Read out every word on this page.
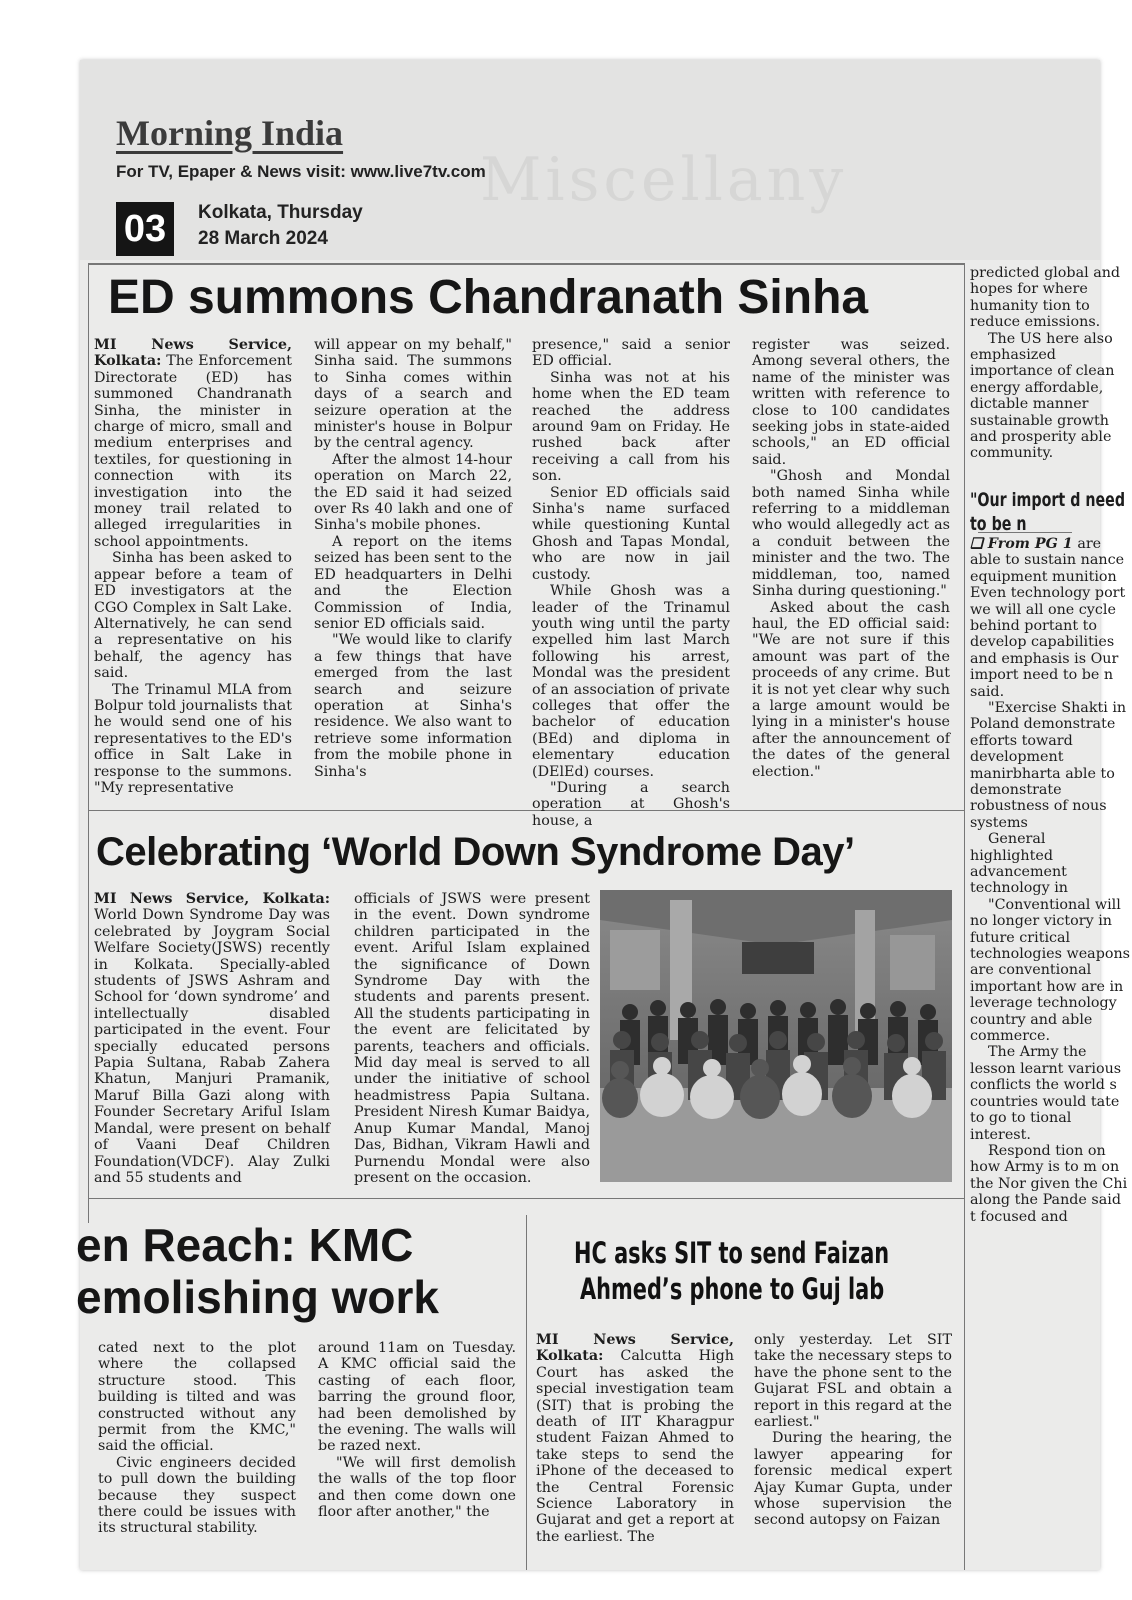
Miscellany
Morning India
For TV, Epaper & News visit: www.live7tv.com
03	Kolkata, Thursday
28 March 2024
ED summons Chandranath Sinha

MI News Service, Kolkata: The Enforcement Directorate (ED) has summoned Chandranath Sinha, the minister in charge of micro, small and medium enterprises and textiles, for questioning in connection with its investigation into the money trail related to alleged irregularities in school appointments.

Sinha has been asked to appear before a team of ED investigators at the CGO Complex in Salt Lake. Alternatively, he can send a representative on his behalf, the agency has said.

The Trinamul MLA from Bolpur told journalists that he would send one of his representatives to the ED's office in Salt Lake in response to the summons. "My representative

will appear on my behalf," Sinha said. The summons to Sinha comes within days of a search and seizure operation at the minister's house in Bolpur by the central agency.

After the almost 14-hour operation on March 22, the ED said it had seized over Rs 40 lakh and one of Sinha's mobile phones.

A report on the items seized has been sent to the ED headquarters in Delhi and the Election Commission of India, senior ED officials said.

"We would like to clarify a few things that have emerged from the last search and seizure operation at Sinha's residence. We also want to retrieve some information from the mobile phone in Sinha's

presence," said a senior ED official.

Sinha was not at his home when the ED team reached the address around 9am on Friday. He rushed back after receiving a call from his son.

Senior ED officials said Sinha's name surfaced while questioning Kuntal Ghosh and Tapas Mondal, who are now in jail custody.

While Ghosh was a leader of the Trinamul youth wing until the party expelled him last March following his arrest, Mondal was the president of an association of private colleges that offer the bachelor of education (BEd) and diploma in elementary education (DElEd) courses.

"During a search operation at Ghosh's house, a

register was seized. Among several others, the name of the minister was written with reference to close to 100 candidates seeking jobs in state-aided schools," an ED official said.

"Ghosh and Mondal both named Sinha while referring to a middleman who would allegedly act as a conduit between the minister and the two. The middleman, too, named Sinha during questioning."

Asked about the cash haul, the ED official said: "We are not sure if this amount was part of the proceeds of any crime. But it is not yet clear why such a large amount would be lying in a minister's house after the announcement of the dates of the general election."

Celebrating ‘World Down Syndrome Day’

MI News Service, Kolkata: World Down Syndrome Day was celebrated by Joygram Social Welfare Society(JSWS) recently in Kolkata. Specially-abled students of JSWS Ashram and School for ‘down syndrome’ and intellectually disabled participated in the event. Four specially educated persons Papia Sultana, Rabab Zahera Khatun, Manjuri Pramanik, Maruf Billa Gazi along with Founder Secretary Ariful Islam Mandal, were present on behalf of Vaani Deaf Children Foundation(VDCF). Alay Zulki and 55 students and

officials of JSWS were present in the event. Down syndrome children participated in the event. Ariful Islam explained the significance of Down Syndrome Day with the students and parents present. All the students participating in the event are felicitated by parents, teachers and officials. Mid day meal is served to all under the initiative of school headmistress Papia Sultana. President Niresh Kumar Baidya, Anup Kumar Mandal, Manoj Das, Bidhan, Vikram Hawli and Purnendu Mondal were also present on the occasion.

en Reach: KMC
emolishing work

cated next to the plot where the collapsed structure stood. This building is tilted and was constructed without any permit from the KMC," said the official.

Civic engineers decided to pull down the building because they suspect there could be issues with its structural stability.

around 11am on Tuesday. A KMC official said the casting of each floor, barring the ground floor, had been demolished by the evening. The walls will be razed next.

"We will first demolish the walls of the top floor and then come down one floor after another," the

HC asks SIT to send Faizan
Ahmed’s phone to Guj lab

MI News Service, Kolkata: Calcutta High Court has asked the special investigation team (SIT) that is probing the death of IIT Kharagpur student Faizan Ahmed to take steps to send the iPhone of the deceased to the Central Forensic Science Laboratory in Gujarat and get a report at the earliest. The

only yesterday. Let SIT take the necessary steps to have the phone sent to the Gujarat FSL and obtain a report in this regard at the earliest."

During the hearing, the lawyer appearing for forensic medical expert Ajay Kumar Gupta, under whose supervision the second autopsy on Faizan

predicted global and hopes for where humanity tion to reduce emissions.

The US here also emphasized importance of clean energy affordable, dictable manner sustainable growth and prosperity able community.

"Our import d need to be n

❑ From PG 1 are able to sustain nance equipment munition Even technology port we will all one cycle behind portant to develop capabilities and emphasis is Our import need to be n said.

"Exercise Shakti in Poland demonstrate efforts toward development manirbharta able to demonstrate robustness of nous systems

General highlighted advancement technology in

"Conventional will no longer victory in future critical technologies weapons are conventional important how are in leverage technology country and able commerce.

The Army the lesson learnt various conflicts the world s countries would tate to go to tional interest.

Respond tion on how Army is to m on the Nor given the Chi along the Pande said t focused and
